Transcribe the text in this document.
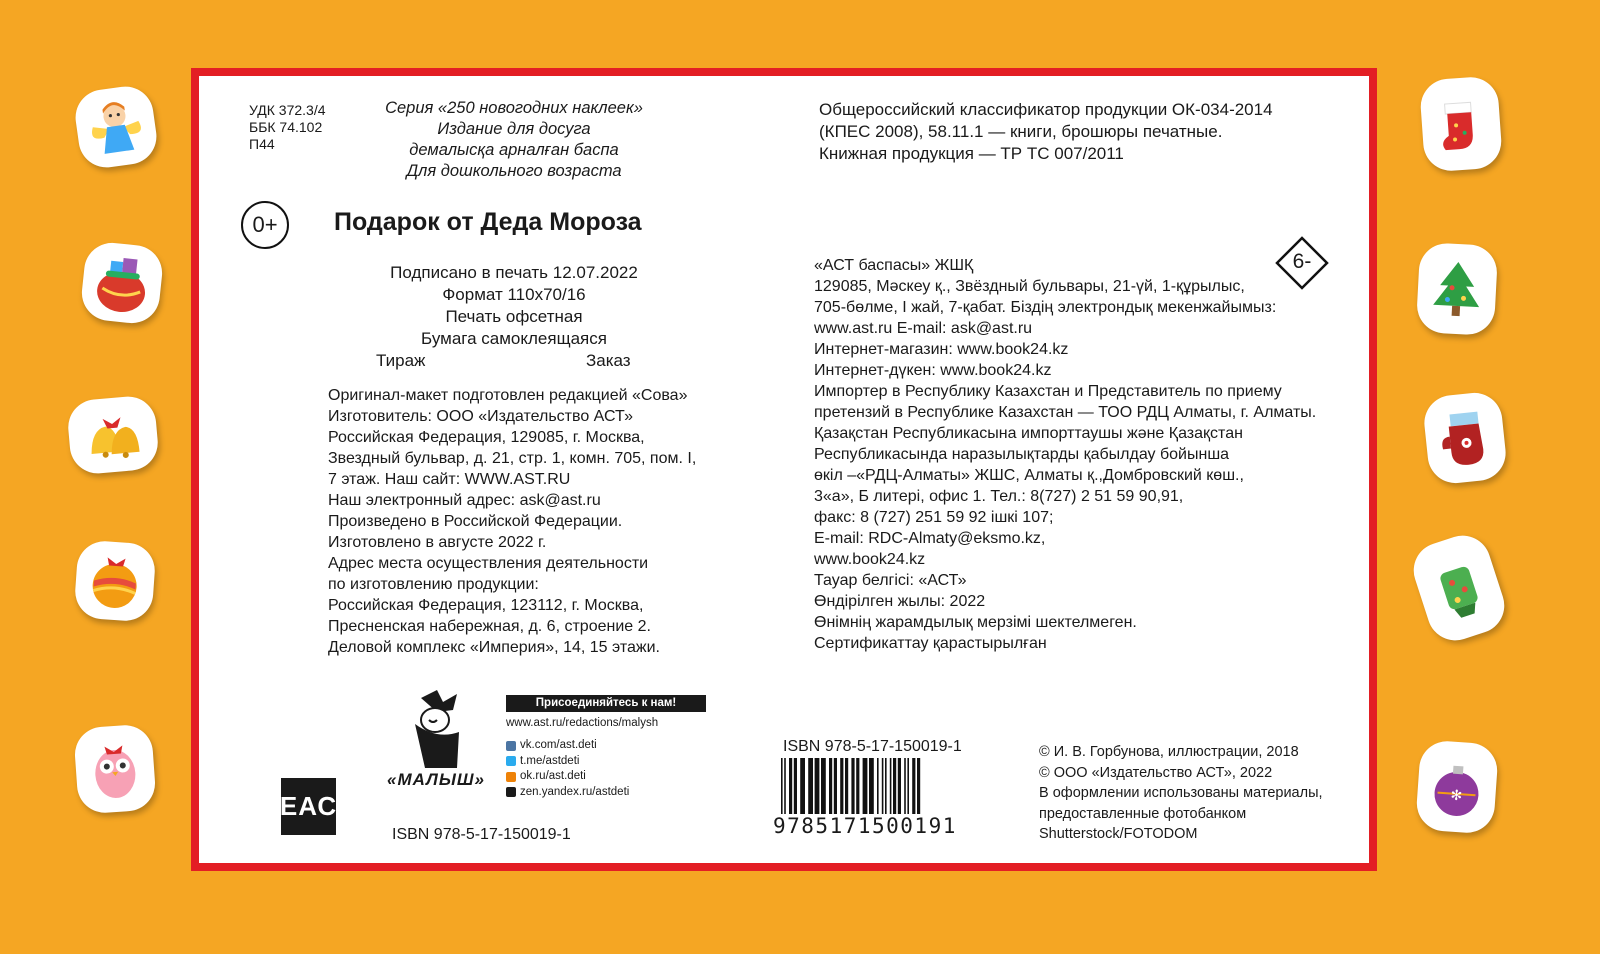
✻
УДК 372.3/4
ББК 74.102
П44
Серия «250 новогодних наклеек»
Издание для досуга
демалысқа арналған баспа
Для дошкольного возраста
Общероссийский классификатор продукции ОК-034-2014
(КПЕС 2008), 58.11.1 — книги, брошюры печатные.
Книжная продукция — ТР ТС 007/2011
0+ Подарок от Деда Мороза
Подписано в печать 12.07.2022
Формат 110х70/16
Печать офсетная
Бумага самоклеящаяся
Тираж	Заказ
Оригинал-макет подготовлен редакцией «Сова»
Изготовитель: ООО «Издательство АСТ»
Российская Федерация, 129085, г. Москва,
Звездный бульвар, д. 21, стр. 1, комн. 705, пом. I,
7 этаж. Наш сайт: WWW.AST.RU
Наш электронный адрес: ask@ast.ru
Произведено в Российской Федерации.
Изготовлено в августе 2022 г.
Адрес места осуществления деятельности
по изготовлению продукции:
Российская Федерация, 123112, г. Москва,
Пресненская набережная, д. 6, строение 2.
Деловой комплекс «Империя», 14, 15 этажи.
6-
«АСТ баспасы» ЖШҚ
129085, Мәскеу қ., Звёздный бульвары, 21-үй, 1-құрылыс,
705-бөлме, I жай, 7-қабат. Біздің электрондық мекенжайымыз:
www.ast.ru E-mail: ask@ast.ru
Интернет-магазин: www.book24.kz
Интернет-дүкен: www.book24.kz
Импортер в Республику Казахстан и Представитель по приему
претензий в Республике Казахстан — ТОО РДЦ Алматы, г. Алматы.
Қазақстан Республикасына импорттаушы және Қазақстан
Республикасында наразылықтарды қабылдау бойынша
өкіл –«РДЦ-Алматы» ЖШС, Алматы қ.,Домбровский көш.,
3«а», Б литері, офис 1. Тел.: 8(727) 2 51 59 90,91,
факс: 8 (727) 251 59 92 ішкі 107;
E-mail: RDC-Almaty@eksmo.kz,
www.book24.kz
Тауар белгісі: «АСТ»
Өндірілген жылы: 2022
Өнімнің жарамдылық мерзімі шектелмеген.
Сертификаттау қарастырылған
ЕАС
«МАЛЫШ»
Присоединяйтесь к нам!
www.ast.ru/redactions/malysh
vk.com/ast.deti
t.me/astdeti
ok.ru/ast.deti
zen.yandex.ru/astdeti
ISBN 978-5-17-150019-1
ISBN 978-5-17-150019-1
9785171500191
© И. В. Горбунова, иллюстрации, 2018
© ООО «Издательство АСТ», 2022
В оформлении использованы материалы,
предоставленные фотобанком
Shutterstock/FOTODOM
